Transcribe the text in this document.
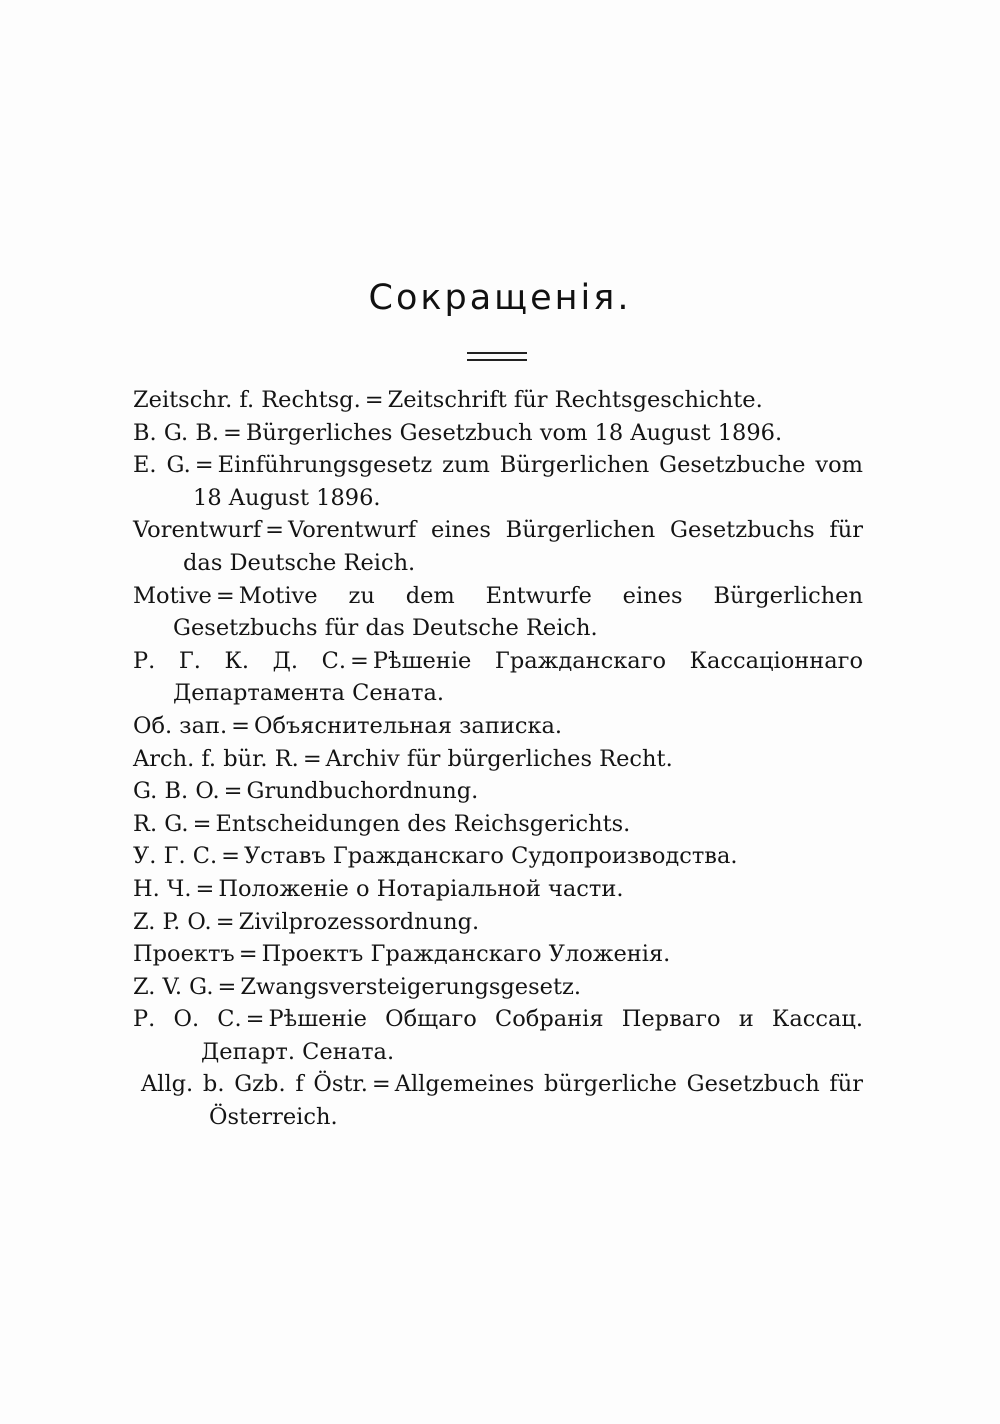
Сокращенія.
Zeitschr. f. Rechtsg. = Zeitschrift für Rechtsgeschichte.
B. G. B. = Bürgerliches Gesetzbuch vom 18 August 1896.
E. G. = Einführungsgesetz zum Bürgerlichen Gesetzbuche vom 18 August 1896.
Vorentwurf = Vorentwurf eines Bürgerlichen Gesetzbuchs für das Deutsche Reich.
Motive = Motive zu dem Entwurfe eines Bürgerlichen Gesetzbuchs für das Deutsche Reich.
Р. Г. К. Д. С. = Рѣшеніе Гражданскаго Кассаціоннаго Департамента Сената.
Об. зап. = Объяснительная записка.
Arch. f. bür. R. = Archiv für bürgerliches Recht.
G. B. O. = Grundbuchordnung.
R. G. = Entscheidungen des Reichsgerichts.
У. Г. С. = Уставъ Гражданскаго Судопроизводства.
Н. Ч. = Положеніе о Нотаріальной части.
Z. P. O. = Zivilprozessordnung.
Проектъ = Проектъ Гражданскаго Уложенія.
Z. V. G. = Zwangsversteigerungsgesetz.
Р. О. С. = Рѣшеніе Общаго Собранія Перваго и Кассац. Департ. Сената.
Allg. b. Gzb. f Östr. = Allgemeines bürgerliche Gesetzbuch für Österreich.
